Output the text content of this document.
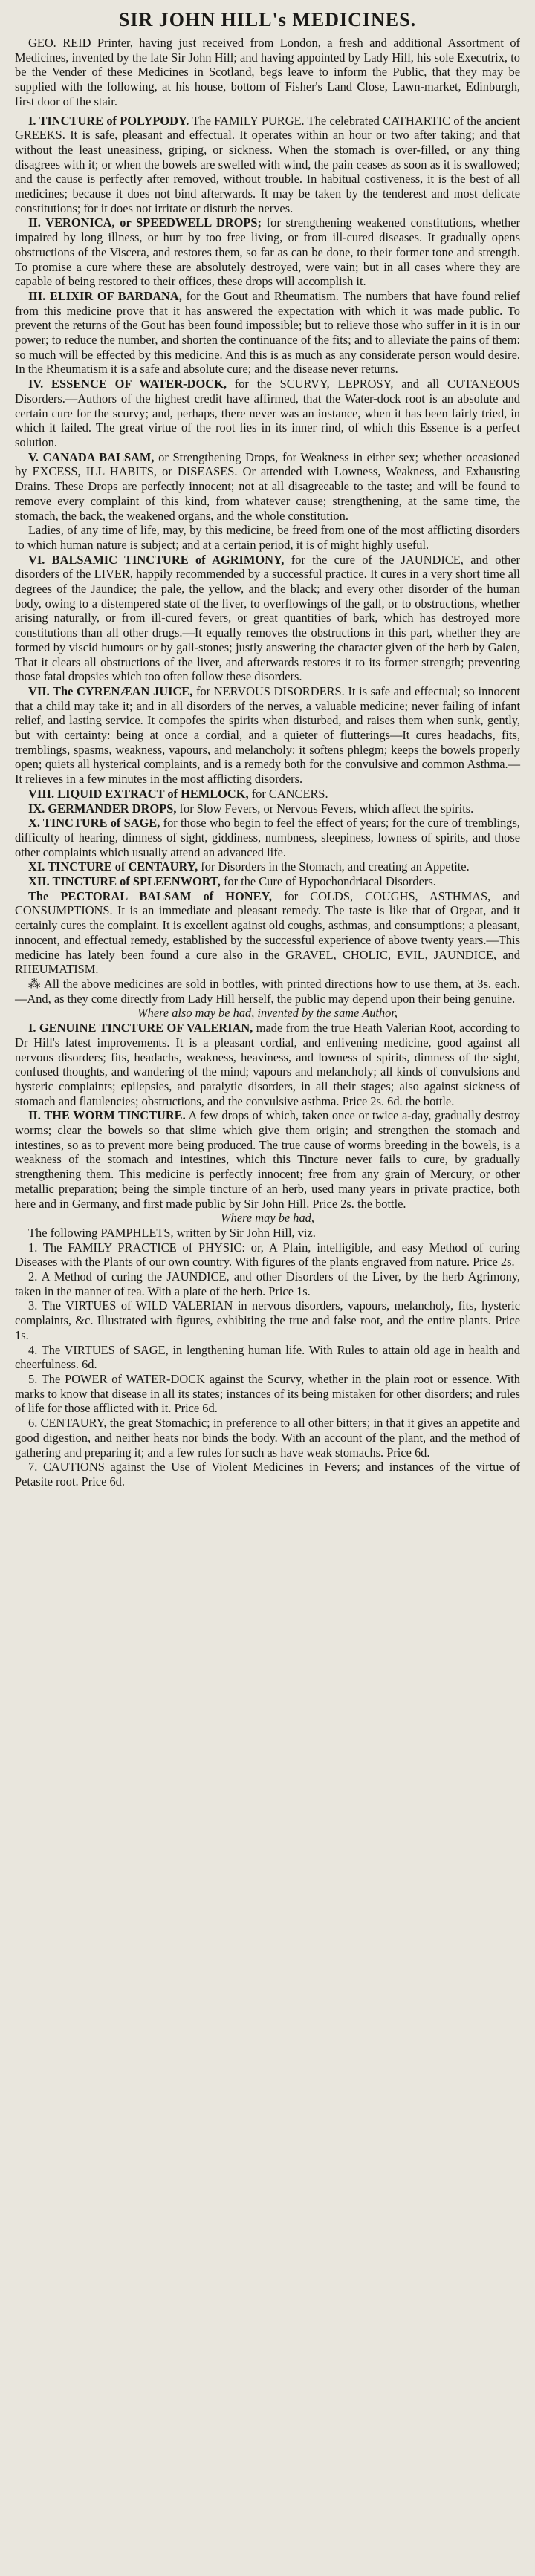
SIR JOHN HILL's MEDICINES.

GEO. REID Printer, having just received from London, a fresh and additional Assortment of Medicines, invented by the late Sir John Hill; and having appointed by Lady Hill, his sole Executrix, to be the Vender of these Medicines in Scotland, begs leave to inform the Public, that they may be supplied with the following, at his house, bottom of Fisher's Land Close, Lawn-market, Edinburgh, first door of the stair.

I. TINCTURE of POLYPODY. The FAMILY PURGE. The celebrated CATHARTIC of the ancient GREEKS. It is safe, pleasant and effectual. It operates within an hour or two after taking; and that without the least uneasiness, griping, or sickness. When the stomach is over-filled, or any thing disagrees with it; or when the bowels are swelled with wind, the pain ceases as soon as it is swallowed; and the cause is perfectly after removed, without trouble. In habitual costiveness, it is the best of all medicines; because it does not bind afterwards. It may be taken by the tenderest and most delicate constitutions; for it does not irritate or disturb the nerves.

II. VERONICA, or SPEEDWELL DROPS; for strengthening weakened constitutions, whether impaired by long illness, or hurt by too free living, or from ill-cured diseases. It gradually opens obstructions of the Viscera, and restores them, so far as can be done, to their former tone and strength. To promise a cure where these are absolutely destroyed, were vain; but in all cases where they are capable of being restored to their offices, these drops will accomplish it.

III. ELIXIR OF BARDANA, for the Gout and Rheumatism. The numbers that have found relief from this medicine prove that it has answered the expectation with which it was made public. To prevent the returns of the Gout has been found impossible; but to relieve those who suffer in it is in our power; to reduce the number, and shorten the continuance of the fits; and to alleviate the pains of them: so much will be effected by this medicine. And this is as much as any considerate person would desire. In the Rheumatism it is a safe and absolute cure; and the disease never returns.

IV. ESSENCE OF WATER-DOCK, for the SCURVY, LEPROSY, and all CUTANEOUS Disorders.—Authors of the highest credit have affirmed, that the Water-dock root is an absolute and certain cure for the scurvy; and, perhaps, there never was an instance, when it has been fairly tried, in which it failed. The great virtue of the root lies in its inner rind, of which this Essence is a perfect solution.

V. CANADA BALSAM, or Strengthening Drops, for Weakness in either sex; whether occasioned by EXCESS, ILL HABITS, or DISEASES. Or attended with Lowness, Weakness, and Exhausting Drains. These Drops are perfectly innocent; not at all disagreeable to the taste; and will be found to remove every complaint of this kind, from whatever cause; strengthening, at the same time, the stomach, the back, the weakened organs, and the whole constitution.

Ladies, of any time of life, may, by this medicine, be freed from one of the most afflicting disorders to which human nature is subject; and at a certain period, it is of might highly useful.

VI. BALSAMIC TINCTURE of AGRIMONY, for the cure of the JAUNDICE, and other disorders of the LIVER, happily recommended by a successful practice. It cures in a very short time all degrees of the Jaundice; the pale, the yellow, and the black; and every other disorder of the human body, owing to a distempered state of the liver, to overflowings of the gall, or to obstructions, whether arising naturally, or from ill-cured fevers, or great quantities of bark, which has destroyed more constitutions than all other drugs.—It equally removes the obstructions in this part, whether they are formed by viscid humours or by gall-stones; justly answering the character given of the herb by Galen, That it clears all obstructions of the liver, and afterwards restores it to its former strength; preventing those fatal dropsies which too often follow these disorders.

VII. The CYRENÆAN JUICE, for NERVOUS DISORDERS. It is safe and effectual; so innocent that a child may take it; and in all disorders of the nerves, a valuable medicine; never failing of infant relief, and lasting service. It compofes the spirits when disturbed, and raises them when sunk, gently, but with certainty: being at once a cordial, and a quieter of flutterings—It cures headachs, fits, tremblings, spasms, weakness, vapours, and melancholy: it softens phlegm; keeps the bowels properly open; quiets all hysterical complaints, and is a remedy both for the convulsive and common Asthma.—It relieves in a few minutes in the most afflicting disorders.

VIII. LIQUID EXTRACT of HEMLOCK, for CANCERS.

IX. GERMANDER DROPS, for Slow Fevers, or Nervous Fevers, which affect the spirits.

X. TINCTURE of SAGE, for those who begin to feel the effect of years; for the cure of tremblings, difficulty of hearing, dimness of sight, giddiness, numbness, sleepiness, lowness of spirits, and those other complaints which usually attend an advanced life.

XI. TINCTURE of CENTAURY, for Disorders in the Stomach, and creating an Appetite.

XII. TINCTURE of SPLEENWORT, for the Cure of Hypochondriacal Disorders.

The PECTORAL BALSAM of HONEY, for COLDS, COUGHS, ASTHMAS, and CONSUMPTIONS. It is an immediate and pleasant remedy. The taste is like that of Orgeat, and it certainly cures the complaint. It is excellent against old coughs, asthmas, and consumptions; a pleasant, innocent, and effectual remedy, established by the successful experience of above twenty years.—This medicine has lately been found a cure also in the GRAVEL, CHOLIC, EVIL, JAUNDICE, and RHEUMATISM.

⁂ All the above medicines are sold in bottles, with printed directions how to use them, at 3s. each.—And, as they come directly from Lady Hill herself, the public may depend upon their being genuine.

Where also may be had, invented by the same Author,

I. GENUINE TINCTURE OF VALERIAN, made from the true Heath Valerian Root, according to Dr Hill's latest improvements. It is a pleasant cordial, and enlivening medicine, good against all nervous disorders; fits, headachs, weakness, heaviness, and lowness of spirits, dimness of the sight, confused thoughts, and wandering of the mind; vapours and melancholy; all kinds of convulsions and hysteric complaints; epilepsies, and paralytic disorders, in all their stages; also against sickness of stomach and flatulencies; obstructions, and the convulsive asthma. Price 2s. 6d. the bottle.

II. THE WORM TINCTURE. A few drops of which, taken once or twice a-day, gradually destroy worms; clear the bowels so that slime which give them origin; and strengthen the stomach and intestines, so as to prevent more being produced. The true cause of worms breeding in the bowels, is a weakness of the stomach and intestines, which this Tincture never fails to cure, by gradually strengthening them. This medicine is perfectly innocent; free from any grain of Mercury, or other metallic preparation; being the simple tincture of an herb, used many years in private practice, both here and in Germany, and first made public by Sir John Hill. Price 2s. the bottle.

Where may be had,

The following PAMPHLETS, written by Sir John Hill, viz.

1. The FAMILY PRACTICE of PHYSIC: or, A Plain, intelligible, and easy Method of curing Diseases with the Plants of our own country. With figures of the plants engraved from nature. Price 2s.

2. A Method of curing the JAUNDICE, and other Disorders of the Liver, by the herb Agrimony, taken in the manner of tea. With a plate of the herb. Price 1s.

3. The VIRTUES of WILD VALERIAN in nervous disorders, vapours, melancholy, fits, hysteric complaints, &c. Illustrated with figures, exhibiting the true and false root, and the entire plants. Price 1s.

4. The VIRTUES of SAGE, in lengthening human life. With Rules to attain old age in health and cheerfulness. 6d.

5. The POWER of WATER-DOCK against the Scurvy, whether in the plain root or essence. With marks to know that disease in all its states; instances of its being mistaken for other disorders; and rules of life for those afflicted with it. Price 6d.

6. CENTAURY, the great Stomachic; in preference to all other bitters; in that it gives an appetite and good digestion, and neither heats nor binds the body. With an account of the plant, and the method of gathering and preparing it; and a few rules for such as have weak stomachs. Price 6d.

7. CAUTIONS against the Use of Violent Medicines in Fevers; and instances of the virtue of Petasite root. Price 6d.
